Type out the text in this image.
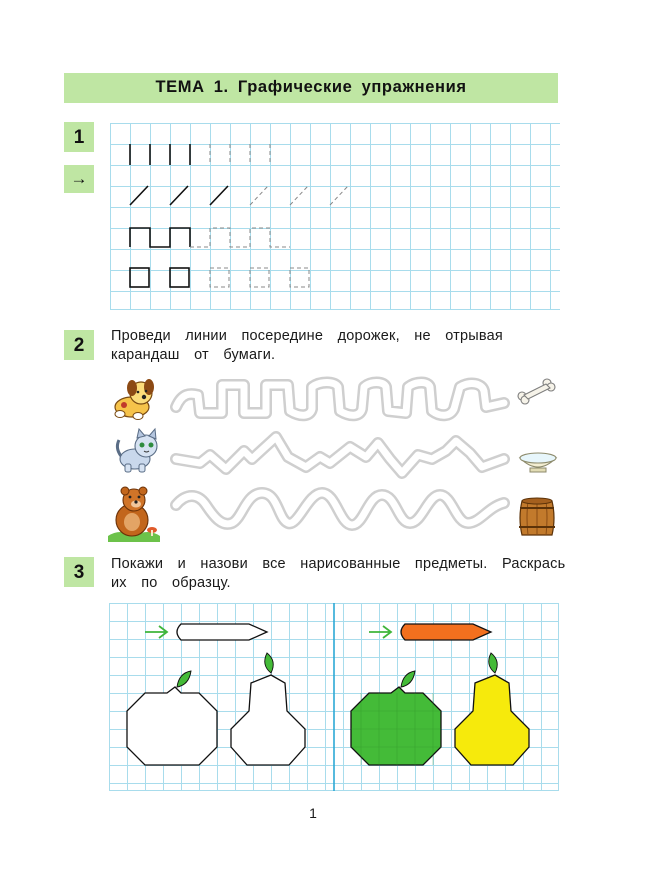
ТЕМА 1. Графические упражнения
1
→
2	Проведи  линии  посередине  дорожек,  не  отрывая
карандаш  от  бумаги.
3	Покажи  и  назови  все  нарисованные  предметы.  Раскрась
их  по  образцу.
1
